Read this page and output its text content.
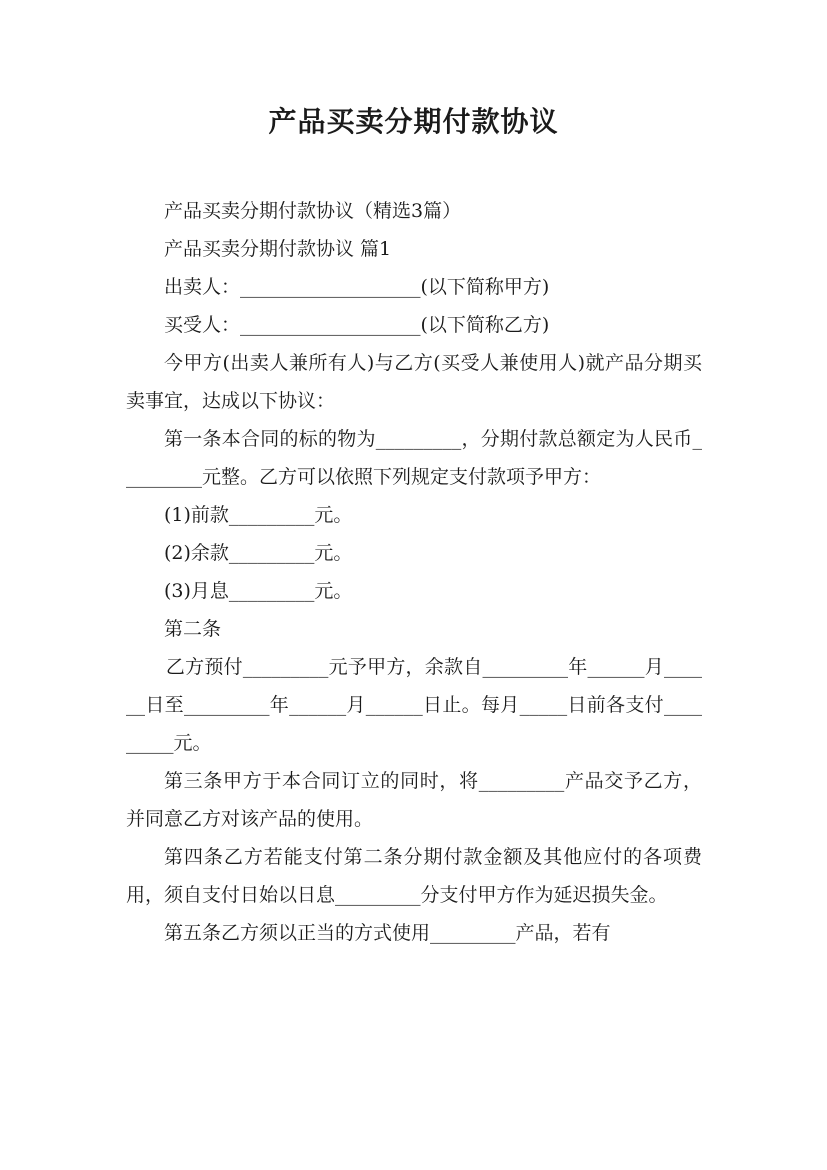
产品买卖分期付款协议

产品买卖分期付款协议（精选3篇）

产品买卖分期付款协议 篇1

出卖人：___________________(以下简称甲方)

买受人：___________________(以下简称乙方)

今甲方(出卖人兼所有人)与乙方(买受人兼使用人)就产品分期买卖事宜，达成以下协议：

第一条本合同的标的物为_________，分期付款总额定为人民币_________元整。乙方可以依照下列规定支付款项予甲方：

(1)前款_________元。

(2)余款_________元。

(3)月息_________元。

第二条

乙方预付_________元予甲方，余款自_________年______月______日至_________年______月______日止。每月_____日前各支付_________元。

第三条甲方于本合同订立的同时，将_________产品交予乙方，并同意乙方对该产品的使用。

第四条乙方若能支付第二条分期付款金额及其他应付的各项费用，须自支付日始以日息_________分支付甲方作为延迟损失金。

第五条乙方须以正当的方式使用_________产品，若有
